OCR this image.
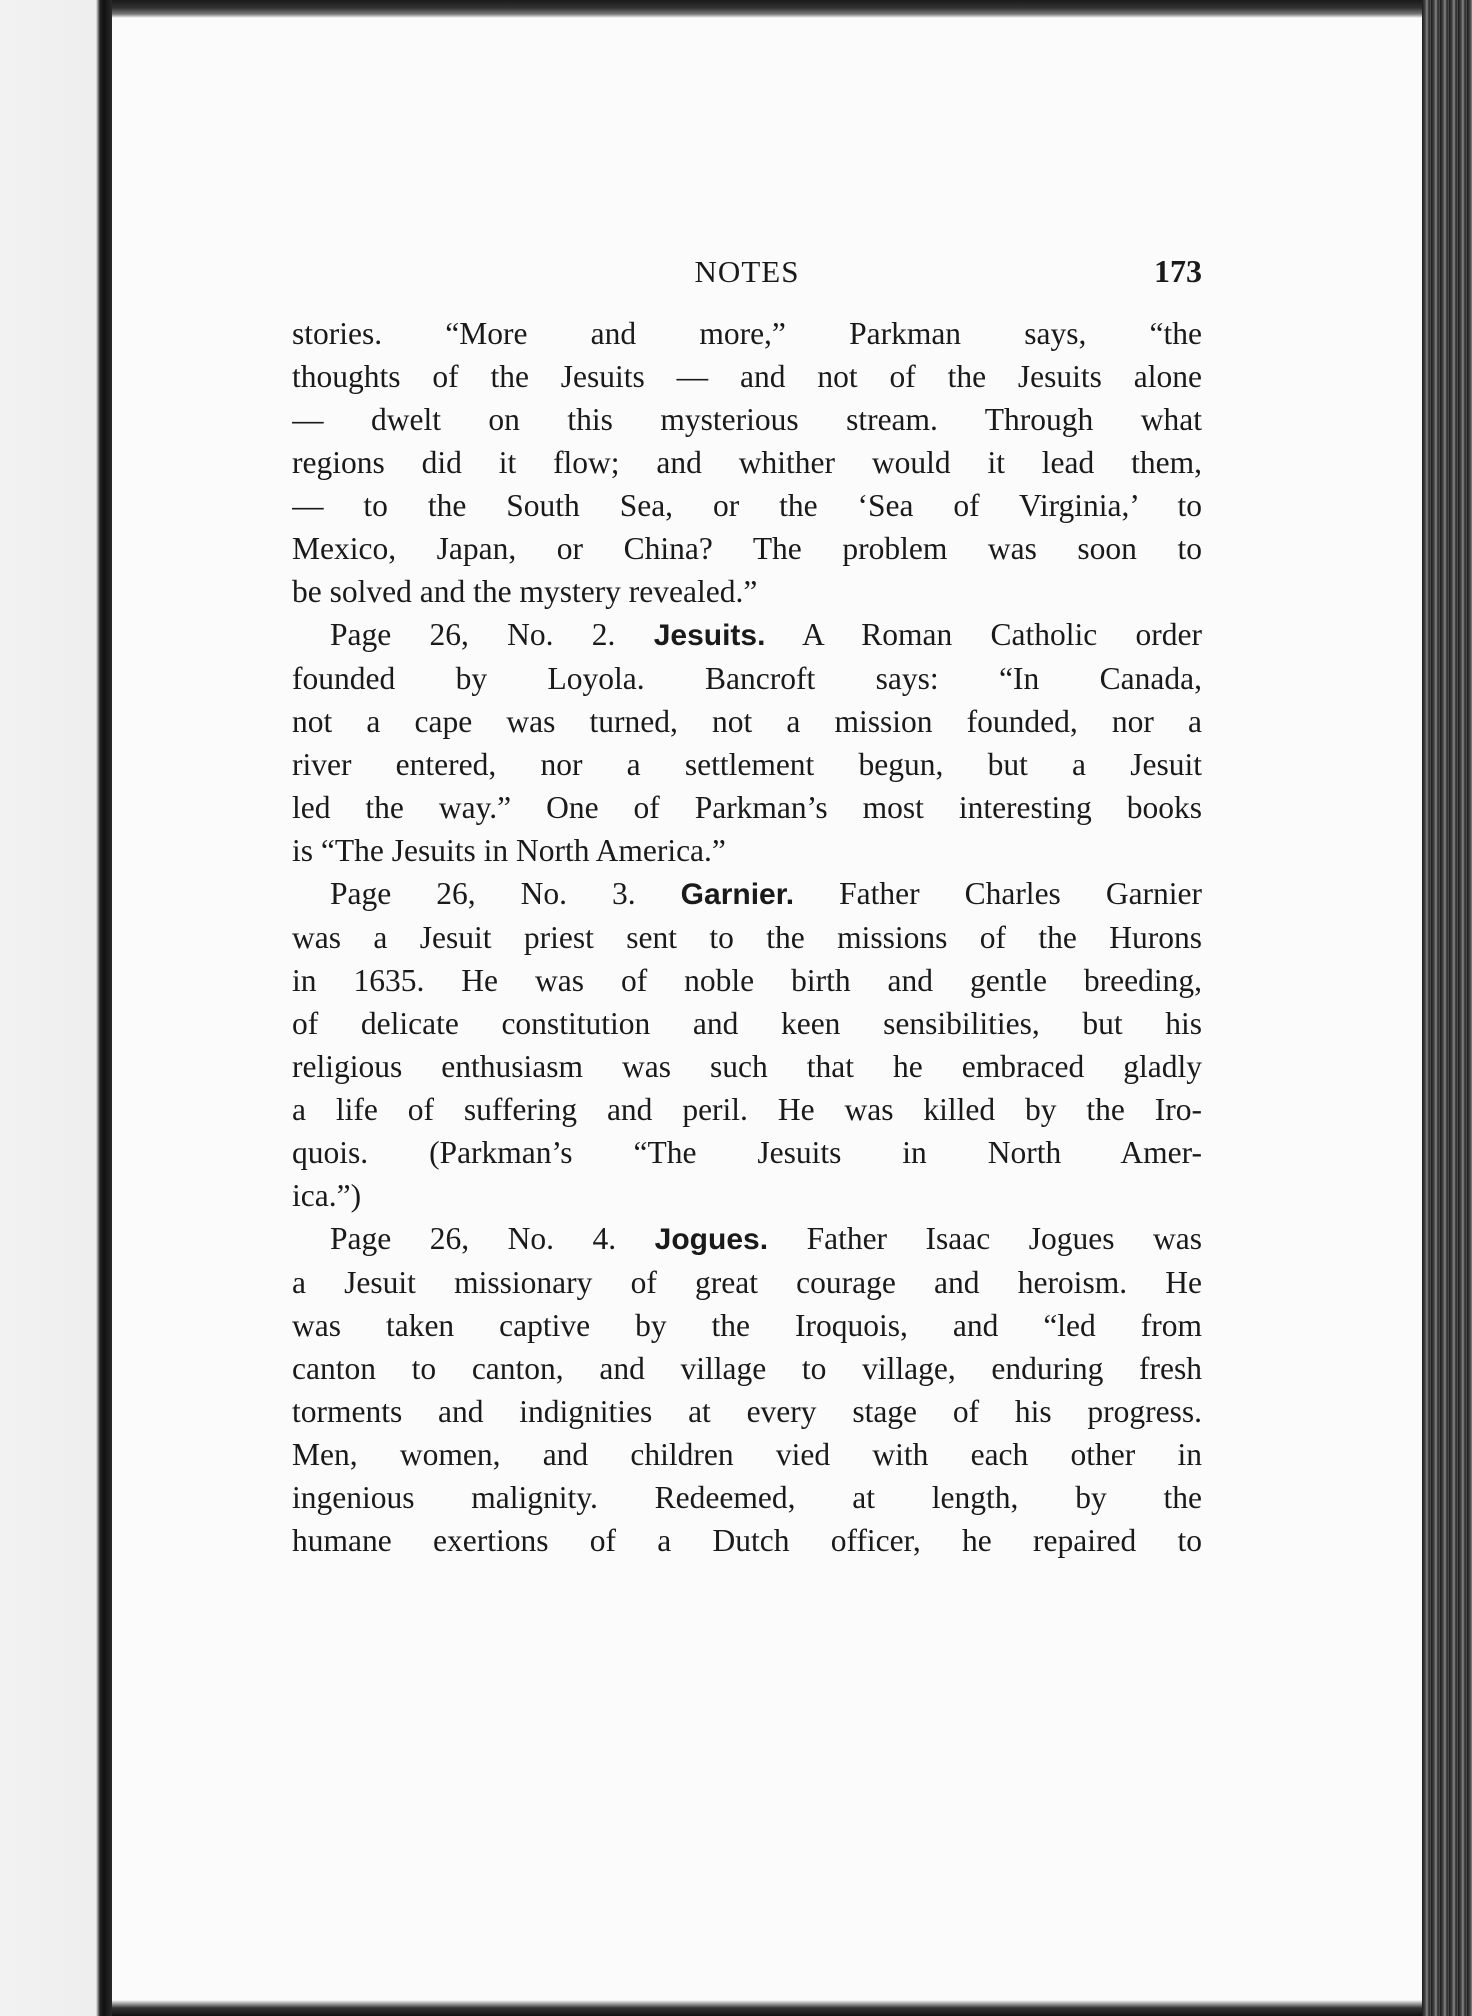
NOTES	173
stories. “More and more,” Parkman says, “the
thoughts of the Jesuits — and not of the Jesuits alone
— dwelt on this mysterious stream. Through what
regions did it flow; and whither would it lead them,
— to the South Sea, or the ‘Sea of Virginia,’ to
Mexico, Japan, or China? The problem was soon to
be solved and the mystery revealed.”
Page 26, No. 2. Jesuits. A Roman Catholic order
founded by Loyola. Bancroft says: “In Canada,
not a cape was turned, not a mission founded, nor a
river entered, nor a settlement begun, but a Jesuit
led the way.” One of Parkman’s most interesting books
is “The Jesuits in North America.”
Page 26, No. 3. Garnier. Father Charles Garnier
was a Jesuit priest sent to the missions of the Hurons
in 1635. He was of noble birth and gentle breeding,
of delicate constitution and keen sensibilities, but his
religious enthusiasm was such that he embraced gladly
a life of suffering and peril. He was killed by the Iro-
quois. (Parkman’s “The Jesuits in North Amer-
ica.”)
Page 26, No. 4. Jogues. Father Isaac Jogues was
a Jesuit missionary of great courage and heroism. He
was taken captive by the Iroquois, and “led from
canton to canton, and village to village, enduring fresh
torments and indignities at every stage of his progress.
Men, women, and children vied with each other in
ingenious malignity. Redeemed, at length, by the
humane exertions of a Dutch officer, he repaired to
